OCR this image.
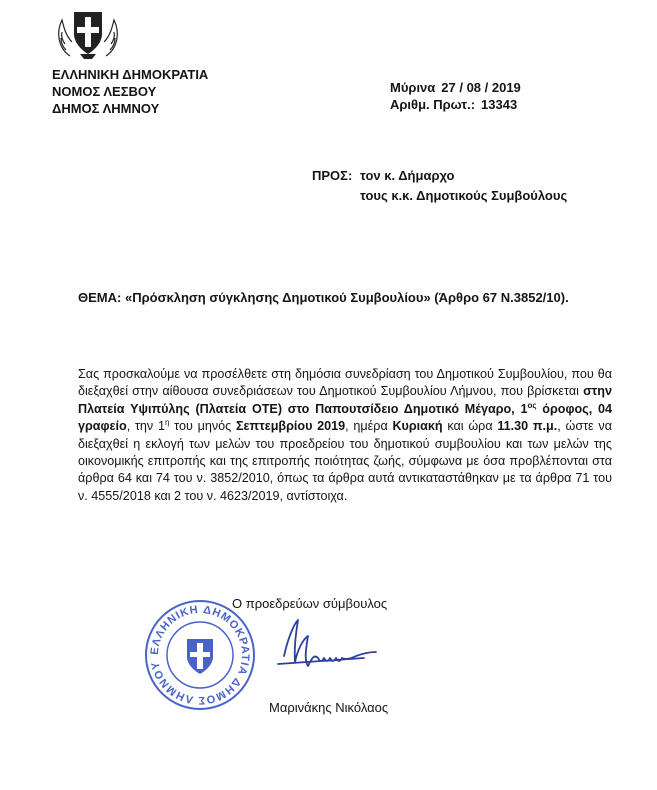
ΕΛΛΗΝΙΚΗ ΔΗΜΟΚΡΑΤΙΑ
ΝΟΜΟΣ ΛΕΣΒΟΥ
ΔΗΜΟΣ ΛΗΜΝΟΥ
Μύρινα 27 / 08 / 2019
Αριθμ. Πρωτ.: 13343
ΠΡΟΣ: τον κ. Δήμαρχο
τους κ.κ. Δημοτικούς Συμβούλους
ΘΕΜΑ: «Πρόσκληση σύγκλησης Δημοτικού Συμβουλίου» (Άρθρο 67 Ν.3852/10).
Σας προσκαλούμε να προσέλθετε στη δημόσια συνεδρίαση του Δημοτικού Συμβουλίου, που θα διεξαχθεί στην αίθουσα συνεδριάσεων του Δημοτικού Συμβουλίου Λήμνου, που βρίσκεται στην Πλατεία Υψιπύλης (Πλατεία ΟΤΕ) στο Παπουτσίδειο Δημοτικό Μέγαρο, $1^{o\varsigma}$ όροφος, 04 γραφείο, την $1^\eta$ του μηνός Σεπτεμβρίου 2019, ημέρα Κυριακή και ώρα 11.30 π.μ., ώστε να διεξαχθεί η εκλογή των μελών του προεδρείου του δημοτικού συμβουλίου και των μελών της οικονομικής επιτροπής και της επιτροπής ποιότητας ζωής, σύμφωνα με όσα προβλέπονται στα άρθρα 64 και 74 του ν. 3852/2010, όπως τα άρθρα αυτά αντικαταστάθηκαν με τα άρθρα 71 του ν. 4555/2018 και 2 του ν. 4623/2019, αντίστοιχα.
Ο προεδρεύων σύμβουλος
ΕΛΛΗΝΙΚΗ ΔΗΜΟΚΡΑΤΙΑ ΔΗΜΟΣ ΛΗΜΝΟΥ
Μαρινάκης Νικόλαος
